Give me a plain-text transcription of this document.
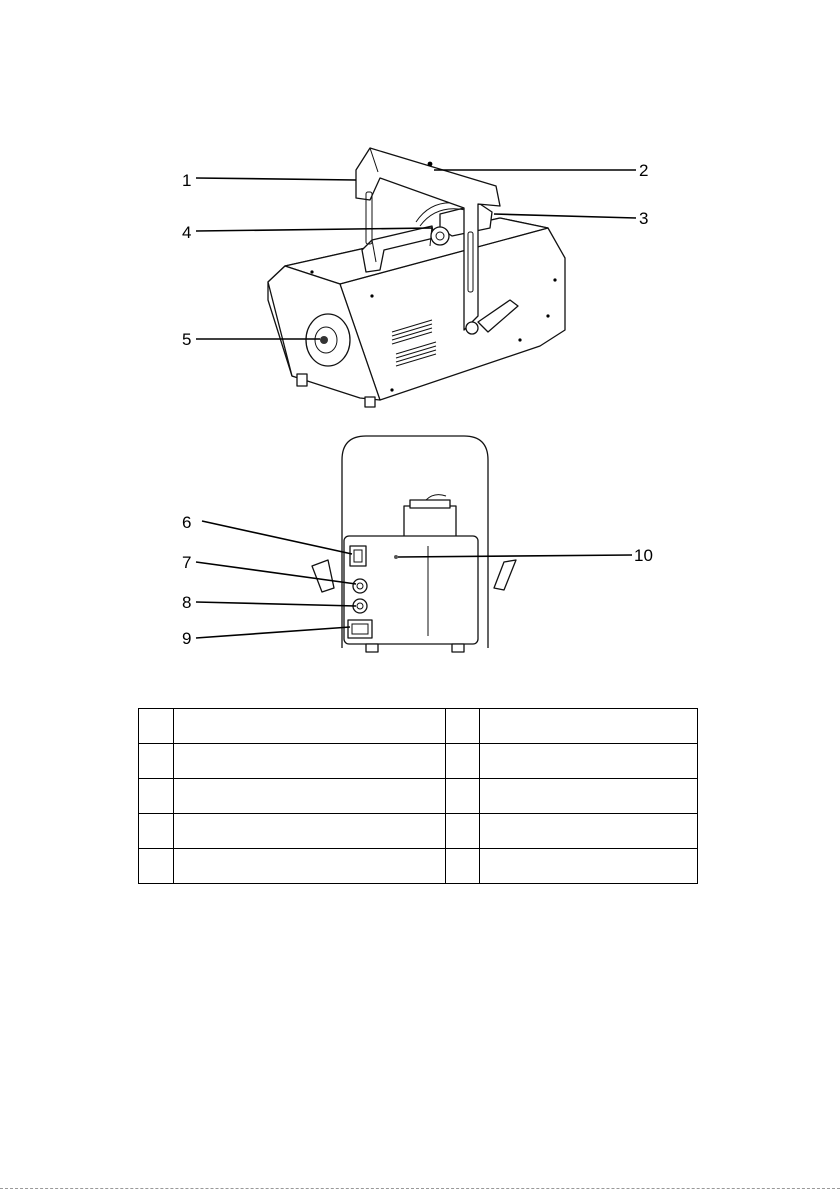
1
2
3
4
5
6
7
8
9
10
